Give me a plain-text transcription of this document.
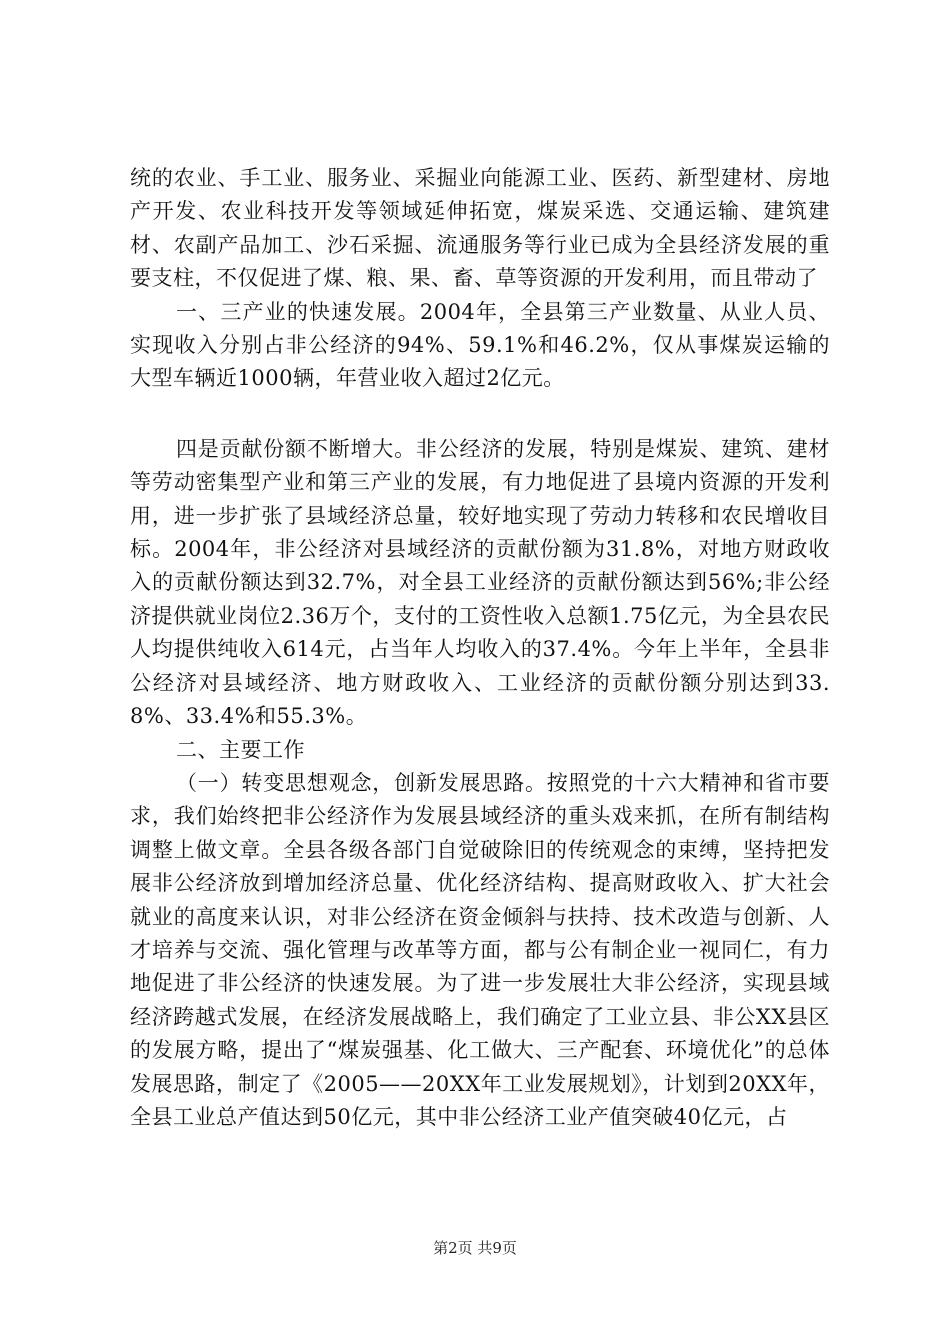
统的农业、手工业、服务业、采掘业向能源工业、医药、新型建材、房地产开发、农业科技开发等领域延伸拓宽，煤炭采选、交通运输、建筑建材、农副产品加工、沙石采掘、流通服务等行业已成为全县经济发展的重要支柱，不仅促进了煤、粮、果、畜、草等资源的开发利用，而且带动了

一、三产业的快速发展。2004年，全县第三产业数量、从业人员、实现收入分别占非公经济的94%、59.1%和46.2%，仅从事煤炭运输的大型车辆近1000辆，年营业收入超过2亿元。

四是贡献份额不断增大。非公经济的发展，特别是煤炭、建筑、建材等劳动密集型产业和第三产业的发展，有力地促进了县境内资源的开发利用，进一步扩张了县域经济总量，较好地实现了劳动力转移和农民增收目标。2004年，非公经济对县域经济的贡献份额为31.8%，对地方财政收入的贡献份额达到32.7%，对全县工业经济的贡献份额达到56%;非公经济提供就业岗位2.36万个，支付的工资性收入总额1.75亿元，为全县农民人均提供纯收入614元，占当年人均收入的37.4%。今年上半年，全县非公经济对县域经济、地方财政收入、工业经济的贡献份额分别达到33.8%、33.4%和55.3%。

二、主要工作

（一）转变思想观念，创新发展思路。按照党的十六大精神和省市要求，我们始终把非公经济作为发展县域经济的重头戏来抓，在所有制结构调整上做文章。全县各级各部门自觉破除旧的传统观念的束缚，坚持把发展非公经济放到增加经济总量、优化经济结构、提高财政收入、扩大社会就业的高度来认识，对非公经济在资金倾斜与扶持、技术改造与创新、人才培养与交流、强化管理与改革等方面，都与公有制企业一视同仁，有力地促进了非公经济的快速发展。为了进一步发展壮大非公经济，实现县域经济跨越式发展，在经济发展战略上，我们确定了工业立县、非公XX县区的发展方略，提出了“煤炭强基、化工做大、三产配套、环境优化”的总体发展思路，制定了《2005——20XX年工业发展规划》，计划到20XX年，全县工业总产值达到50亿元，其中非公经济工业产值突破40亿元，占

第2页 共9页
